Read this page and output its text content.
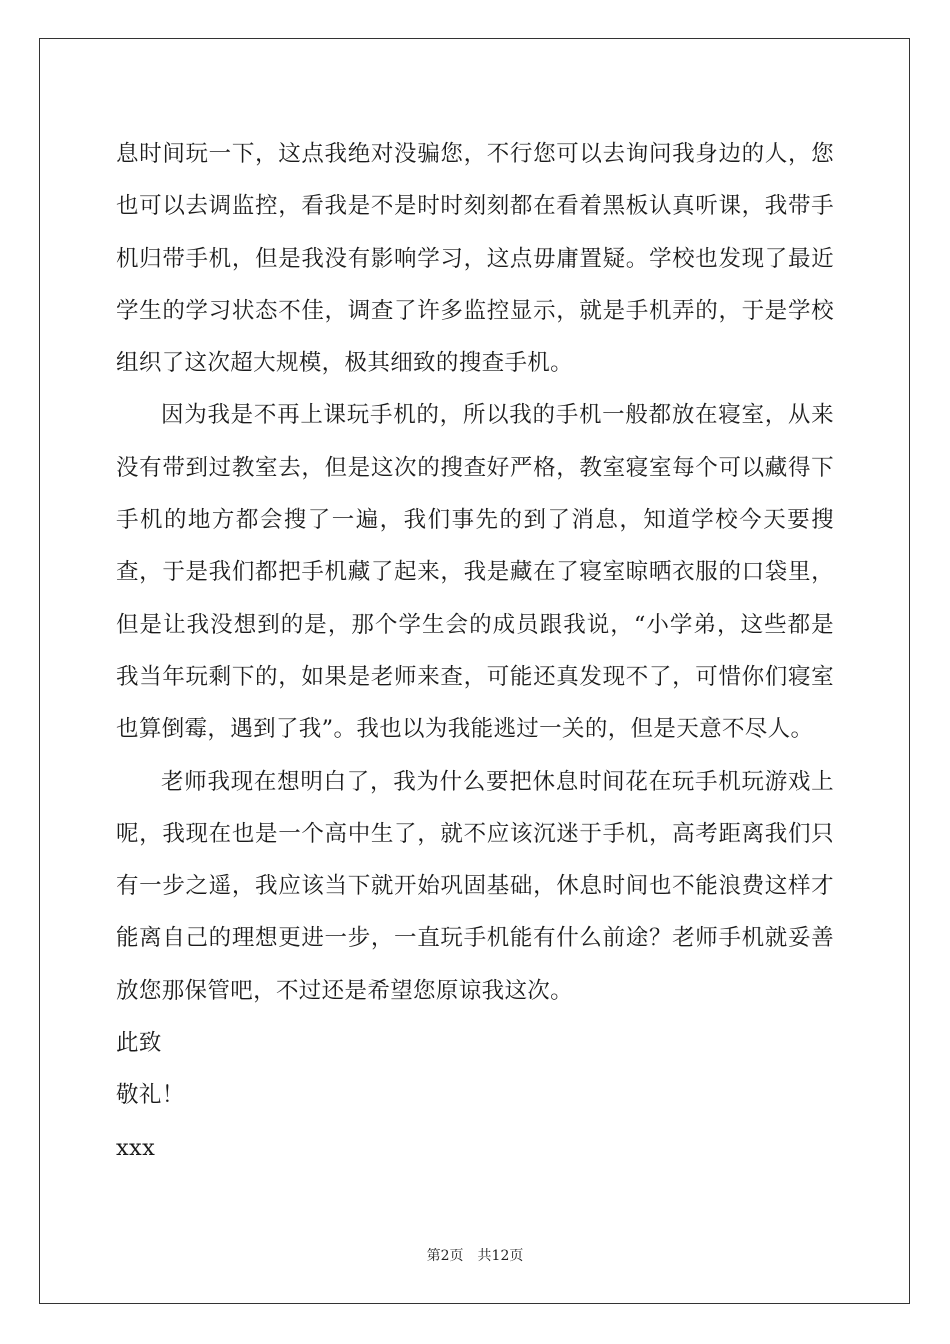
息时间玩一下，这点我绝对没骗您，不行您可以去询问我身边的人，您也可以去调监控，看我是不是时时刻刻都在看着黑板认真听课，我带手机归带手机，但是我没有影响学习，这点毋庸置疑。学校也发现了最近学生的学习状态不佳，调查了许多监控显示，就是手机弄的，于是学校组织了这次超大规模，极其细致的搜查手机。

因为我是不再上课玩手机的，所以我的手机一般都放在寝室，从来没有带到过教室去，但是这次的搜查好严格，教室寝室每个可以藏得下手机的地方都会搜了一遍，我们事先的到了消息，知道学校今天要搜查，于是我们都把手机藏了起来，我是藏在了寝室晾晒衣服的口袋里，但是让我没想到的是，那个学生会的成员跟我说，“小学弟，这些都是我当年玩剩下的，如果是老师来查，可能还真发现不了，可惜你们寝室也算倒霉，遇到了我”。我也以为我能逃过一关的，但是天意不尽人。

老师我现在想明白了，我为什么要把休息时间花在玩手机玩游戏上呢，我现在也是一个高中生了，就不应该沉迷于手机，高考距离我们只有一步之遥，我应该当下就开始巩固基础，休息时间也不能浪费这样才能离自己的理想更进一步，一直玩手机能有什么前途？老师手机就妥善放您那保管吧，不过还是希望您原谅我这次。

此致

敬礼！

xxx

第2页 共12页
